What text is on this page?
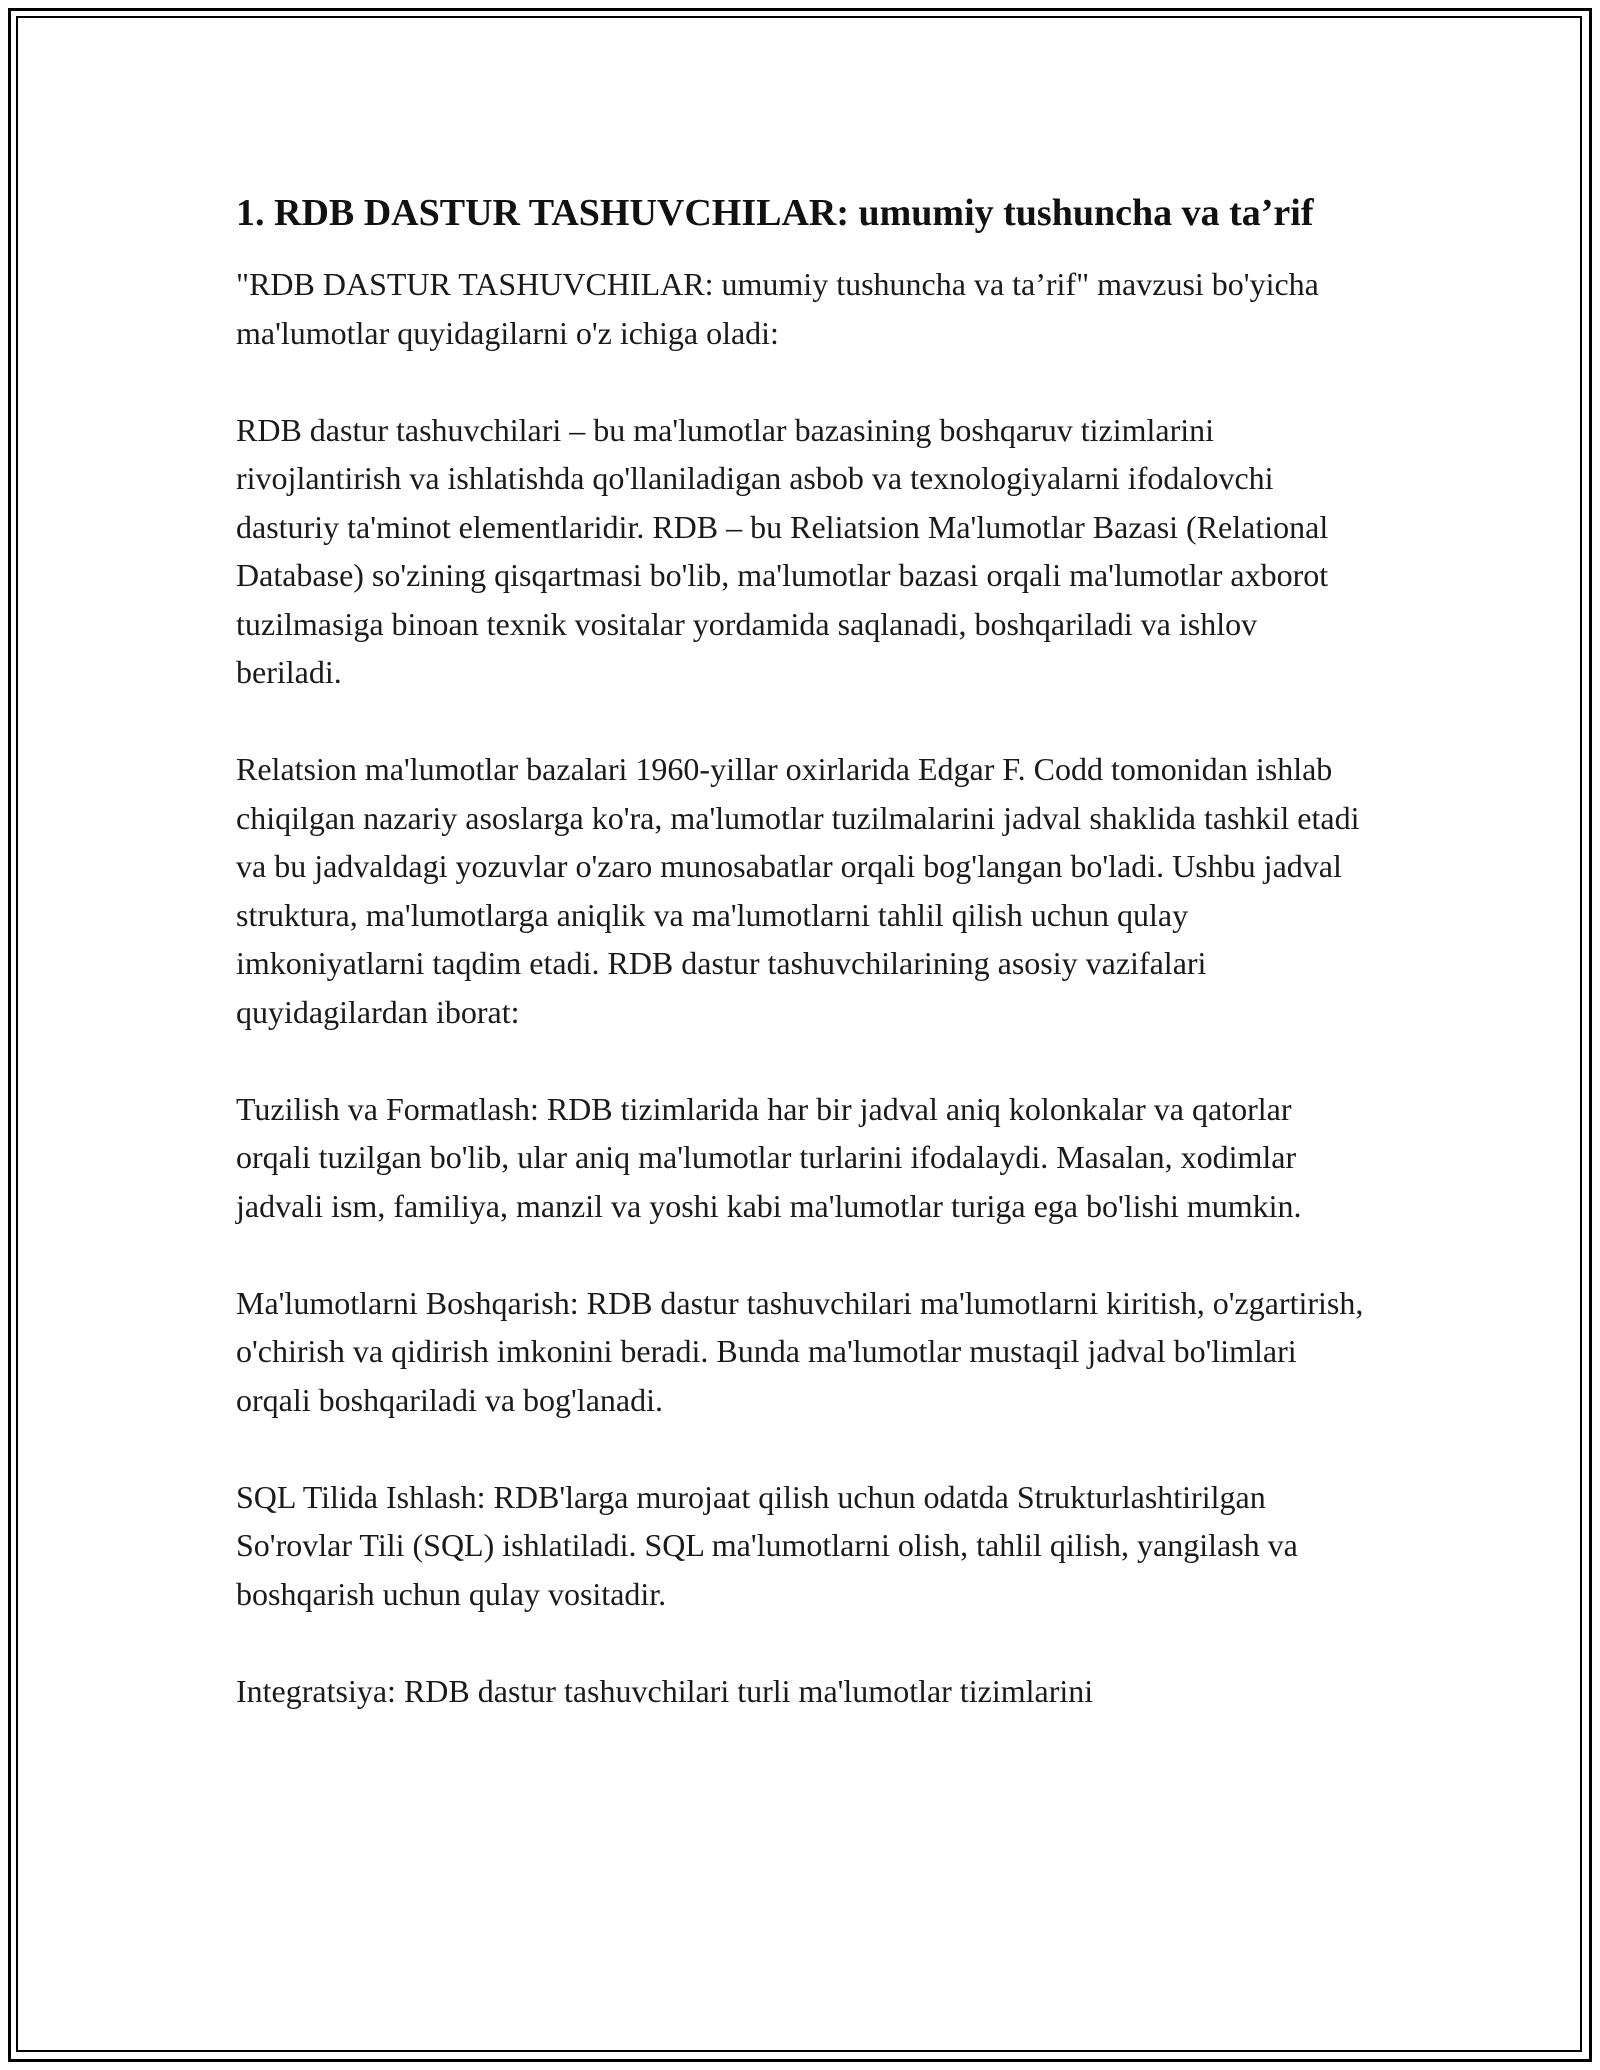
1. RDB DASTUR TASHUVCHILAR: umumiy tushuncha va ta’rif

"RDB DASTUR TASHUVCHILAR: umumiy tushuncha va ta’rif" mavzusi bo'yicha ma'lumotlar quyidagilarni o'z ichiga oladi:

RDB dastur tashuvchilari – bu ma'lumotlar bazasining boshqaruv tizimlarini rivojlantirish va ishlatishda qo'llaniladigan asbob va texnologiyalarni ifodalovchi dasturiy ta'minot elementlaridir. RDB – bu Reliatsion Ma'lumotlar Bazasi (Relational Database) so'zining qisqartmasi bo'lib, ma'lumotlar bazasi orqali ma'lumotlar axborot tuzilmasiga binoan texnik vositalar yordamida saqlanadi, boshqariladi va ishlov beriladi.

Relatsion ma'lumotlar bazalari 1960-yillar oxirlarida Edgar F. Codd tomonidan ishlab chiqilgan nazariy asoslarga ko'ra, ma'lumotlar tuzilmalarini jadval shaklida tashkil etadi va bu jadvaldagi yozuvlar o'zaro munosabatlar orqali bog'langan bo'ladi. Ushbu jadval struktura, ma'lumotlarga aniqlik va ma'lumotlarni tahlil qilish uchun qulay imkoniyatlarni taqdim etadi. RDB dastur tashuvchilarining asosiy vazifalari quyidagilardan iborat:

Tuzilish va Formatlash: RDB tizimlarida har bir jadval aniq kolonkalar va qatorlar orqali tuzilgan bo'lib, ular aniq ma'lumotlar turlarini ifodalaydi. Masalan, xodimlar jadvali ism, familiya, manzil va yoshi kabi ma'lumotlar turiga ega bo'lishi mumkin.

Ma'lumotlarni Boshqarish: RDB dastur tashuvchilari ma'lumotlarni kiritish, o'zgartirish, o'chirish va qidirish imkonini beradi. Bunda ma'lumotlar mustaqil jadval bo'limlari orqali boshqariladi va bog'lanadi.

SQL Tilida Ishlash: RDB'larga murojaat qilish uchun odatda Strukturlashtirilgan So'rovlar Tili (SQL) ishlatiladi. SQL ma'lumotlarni olish, tahlil qilish, yangilash va boshqarish uchun qulay vositadir.

Integratsiya: RDB dastur tashuvchilari turli ma'lumotlar tizimlarini
